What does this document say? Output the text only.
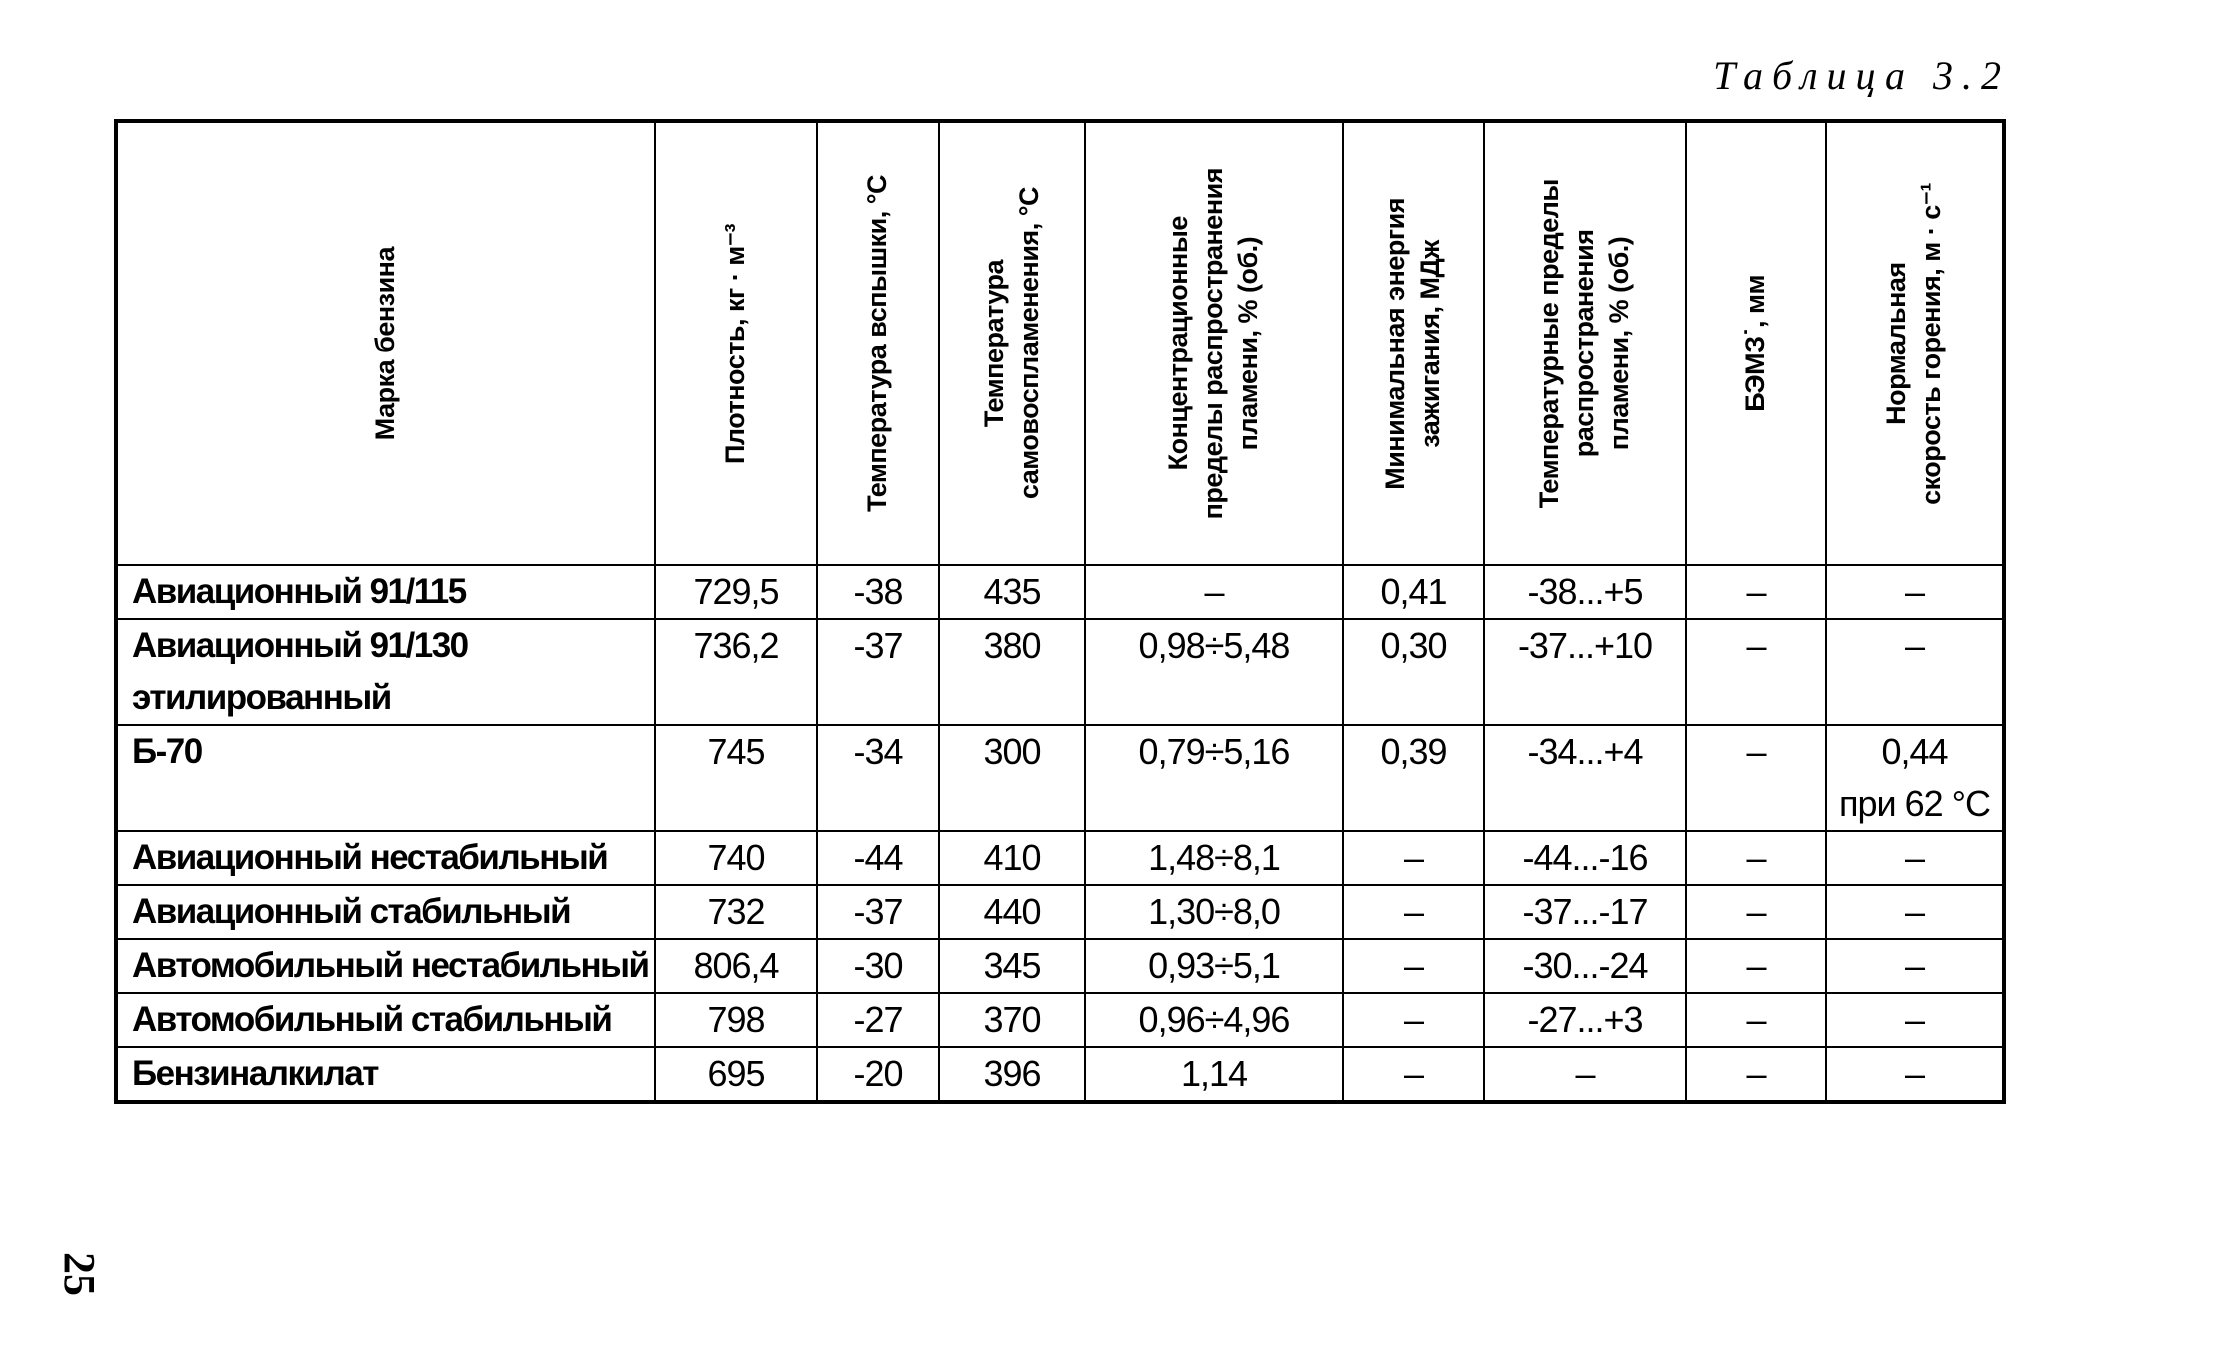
Таблица 3.2
Марка бензина	Плотность, кг · м⁻³	Температура вспышки, °С	Температура
самовоспламенения, °С	Концентрационные
пределы распространения
пламени, % (об.)	Минимальная энергия
зажигания, МДж	Температурные пределы
распространения
пламени, % (об.)	БЭМЗ˙, мм	Нормальная
скорость горения, м · с⁻¹

Авиационный 91/115	729,5	-38	435	–	0,41	-38...+5	–	–
Авиационный 91/130
этилированный	736,2	-37	380	0,98÷5,48	0,30	-37...+10	–	–
Б-70	745	-34	300	0,79÷5,16	0,39	-34...+4	–	0,44
при 62 °С
Авиационный нестабильный	740	-44	410	1,48÷8,1	–	-44...-16	–	–
Авиационный стабильный	732	-37	440	1,30÷8,0	–	-37...-17	–	–
Автомобильный нестабильный	806,4	-30	345	0,93÷5,1	–	-30...-24	–	–
Автомобильный стабильный	798	-27	370	0,96÷4,96	–	-27...+3	–	–
Бензиналкилат	695	-20	396	1,14	–	–	–	–
25
